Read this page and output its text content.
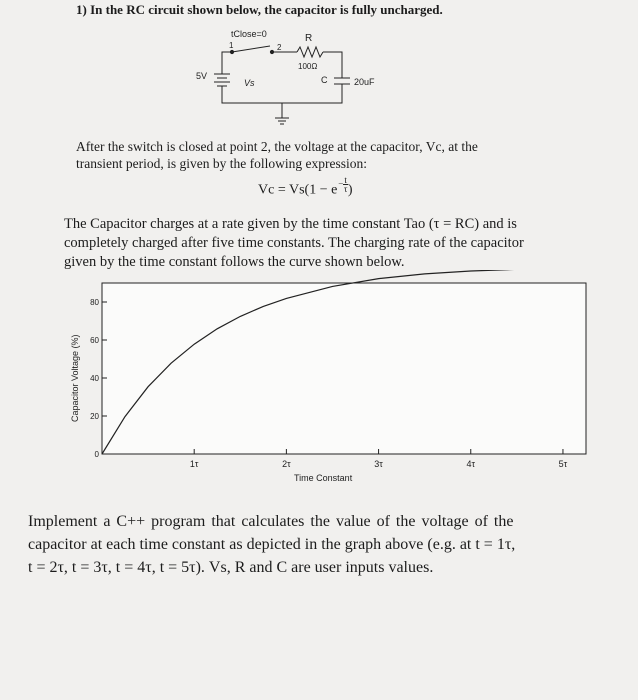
1) In the RC circuit shown below, the capacitor is fully uncharged.
tClose=0
1	2
R
100Ω
5V
Vs	C	20uF
After the switch is closed at point 2, the voltage at the capacitor, Vc, at the
transient period, is given by the following expression:
$Vc = Vs(1 - e- \frac{t}{\tau}$ )
The Capacitor charges at a rate given by the time constant Tao (τ = RC) and is
completely charged after five time constants. The charging rate of the capacitor
given by the time constant follows the curve shown below.
0
20
40
60
80
1τ	2τ	3τ	4τ	5τ
Time Constant
Capacitor Voltage (%)
Implement a C++ program that calculates the value of the voltage of the
capacitor at each time constant as depicted in the graph above (e.g. at t = 1τ,
t = 2τ, t = 3τ, t = 4τ, t = 5τ). Vs, R and C are user inputs values.
